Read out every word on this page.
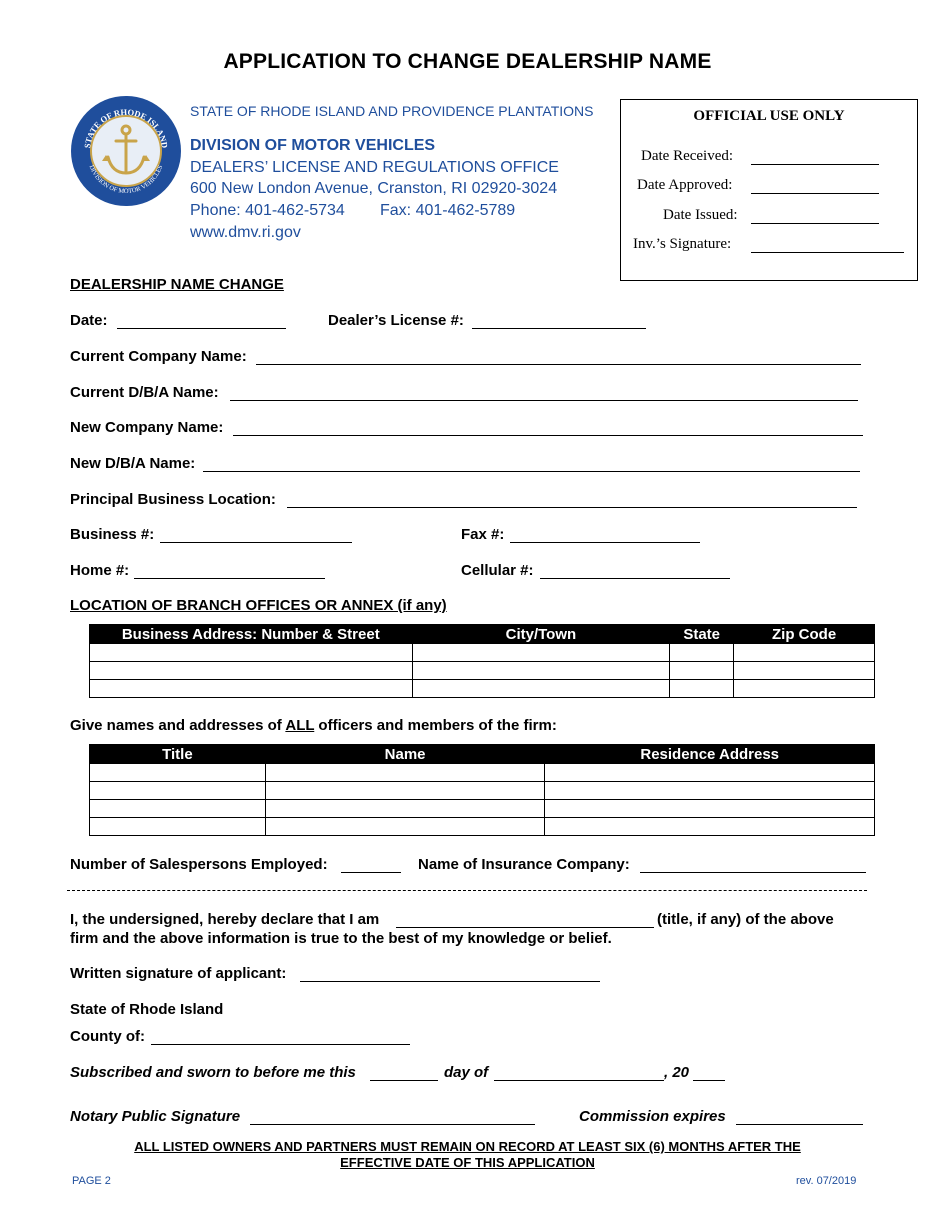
APPLICATION TO CHANGE DEALERSHIP NAME
STATE OF RHODE ISLAND
DIVISION OF MOTOR VEHICLES
STATE OF RHODE ISLAND AND PROVIDENCE PLANTATIONS
DIVISION OF MOTOR VEHICLES
DEALERS’ LICENSE AND REGULATIONS OFFICE
600 New London Avenue, Cranston, RI 02920-3024
Phone: 401-462-5734 Fax: 401-462-5789
www.dmv.ri.gov
OFFICIAL USE ONLY
Date Received:
Date Approved:
Date Issued:
Inv.’s Signature:
DEALERSHIP NAME CHANGE
Date:	Dealer’s License #:
Current Company Name:
Current D/B/A Name:
New Company Name:
New D/B/A Name:
Principal Business Location:
Business #:	Fax #:
Home #:	Cellular #:
LOCATION OF BRANCH OFFICES OR ANNEX (if any)
Business Address: Number & Street	City/Town	State	Zip Code

Give names and addresses of ALL officers and members of the firm:
Title	Name	Residence Address

Number of Salespersons Employed:	Name of Insurance Company:
I, the undersigned, hereby declare that I am	(title, if any) of the above
firm and the above information is true to the best of my knowledge or belief.
Written signature of applicant:
State of Rhode Island
County of:
Subscribed and sworn to before me this	day of	, 20
Notary Public Signature	Commission expires
ALL LISTED OWNERS AND PARTNERS MUST REMAIN ON RECORD AT LEAST SIX (6) MONTHS AFTER THE
EFFECTIVE DATE OF THIS APPLICATION
PAGE 2	rev. 07/2019
